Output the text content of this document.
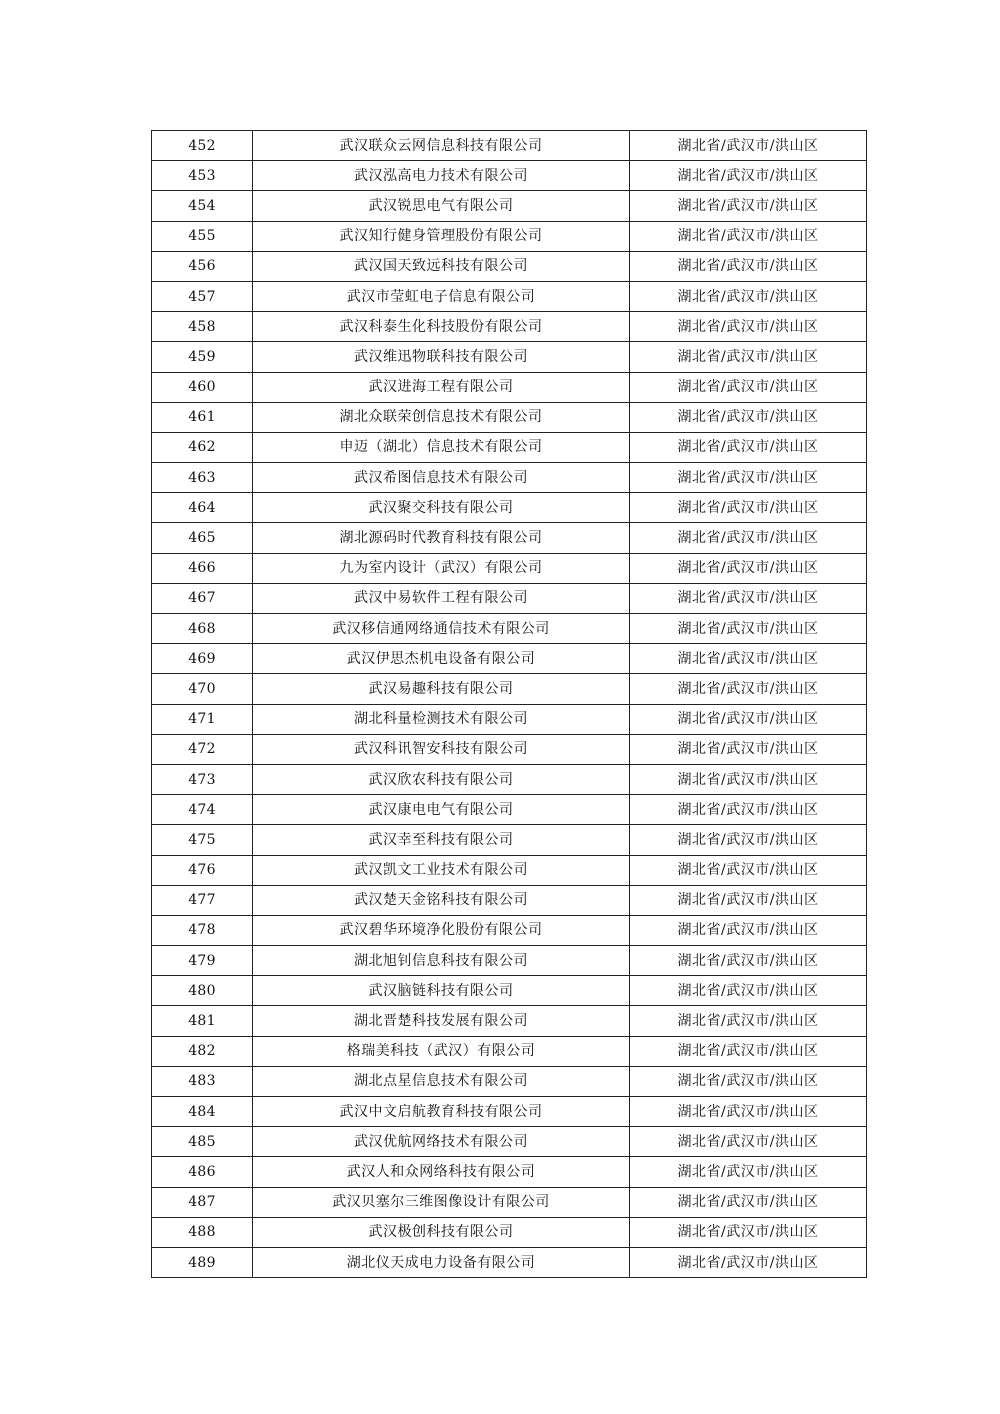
452	武汉联众云网信息科技有限公司	湖北省/武汉市/洪山区
453	武汉泓高电力技术有限公司	湖北省/武汉市/洪山区
454	武汉锐思电气有限公司	湖北省/武汉市/洪山区
455	武汉知行健身管理股份有限公司	湖北省/武汉市/洪山区
456	武汉国天致远科技有限公司	湖北省/武汉市/洪山区
457	武汉市莹虹电子信息有限公司	湖北省/武汉市/洪山区
458	武汉科泰生化科技股份有限公司	湖北省/武汉市/洪山区
459	武汉维迅物联科技有限公司	湖北省/武汉市/洪山区
460	武汉进海工程有限公司	湖北省/武汉市/洪山区
461	湖北众联荣创信息技术有限公司	湖北省/武汉市/洪山区
462	申迈（湖北）信息技术有限公司	湖北省/武汉市/洪山区
463	武汉希图信息技术有限公司	湖北省/武汉市/洪山区
464	武汉聚交科技有限公司	湖北省/武汉市/洪山区
465	湖北源码时代教育科技有限公司	湖北省/武汉市/洪山区
466	九为室内设计（武汉）有限公司	湖北省/武汉市/洪山区
467	武汉中易软件工程有限公司	湖北省/武汉市/洪山区
468	武汉移信通网络通信技术有限公司	湖北省/武汉市/洪山区
469	武汉伊思杰机电设备有限公司	湖北省/武汉市/洪山区
470	武汉易趣科技有限公司	湖北省/武汉市/洪山区
471	湖北科量检测技术有限公司	湖北省/武汉市/洪山区
472	武汉科讯智安科技有限公司	湖北省/武汉市/洪山区
473	武汉欣农科技有限公司	湖北省/武汉市/洪山区
474	武汉康电电气有限公司	湖北省/武汉市/洪山区
475	武汉幸至科技有限公司	湖北省/武汉市/洪山区
476	武汉凯文工业技术有限公司	湖北省/武汉市/洪山区
477	武汉楚天金铭科技有限公司	湖北省/武汉市/洪山区
478	武汉碧华环境净化股份有限公司	湖北省/武汉市/洪山区
479	湖北旭钊信息科技有限公司	湖北省/武汉市/洪山区
480	武汉脑链科技有限公司	湖北省/武汉市/洪山区
481	湖北晋楚科技发展有限公司	湖北省/武汉市/洪山区
482	格瑞美科技（武汉）有限公司	湖北省/武汉市/洪山区
483	湖北点星信息技术有限公司	湖北省/武汉市/洪山区
484	武汉中文启航教育科技有限公司	湖北省/武汉市/洪山区
485	武汉优航网络技术有限公司	湖北省/武汉市/洪山区
486	武汉人和众网络科技有限公司	湖北省/武汉市/洪山区
487	武汉贝塞尔三维图像设计有限公司	湖北省/武汉市/洪山区
488	武汉极创科技有限公司	湖北省/武汉市/洪山区
489	湖北仪天成电力设备有限公司	湖北省/武汉市/洪山区
